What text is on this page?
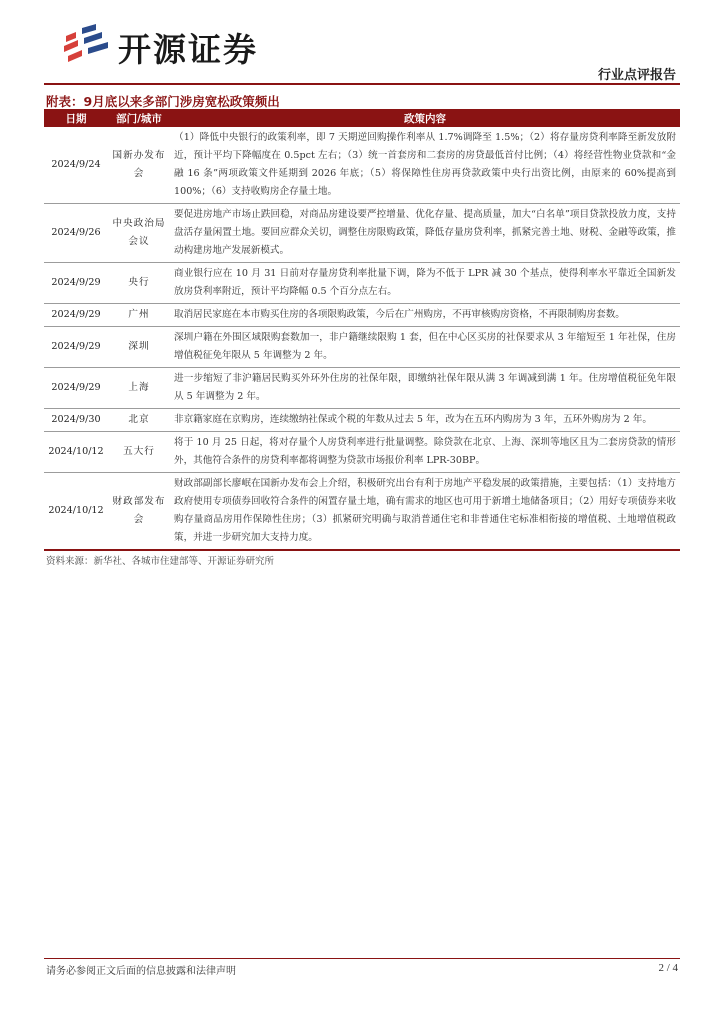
开源证券
行业点评报告
附表：9月底以来多部门涉房宽松政策频出
日期	部门/城市	政策内容
2024/9/24	国新办发布会	（1）降低中央银行的政策利率，即 7 天期逆回购操作利率从 1.7%调降至 1.5%；（2）将存量房贷利率降至新发放附近，预计平均下降幅度在 0.5pct 左右；（3）统一首套房和二套房的房贷最低首付比例；（4）将经营性物业贷款和“金融 16 条”两项政策文件延期到 2026 年底；（5）将保障性住房再贷款政策中央行出资比例，由原来的 60%提高到 100%；（6）支持收购房企存量土地。
2024/9/26	中央政治局会议	要促进房地产市场止跌回稳，对商品房建设要严控增量、优化存量、提高质量，加大“白名单”项目贷款投放力度，支持盘活存量闲置土地。要回应群众关切，调整住房限购政策，降低存量房贷利率，抓紧完善土地、财税、金融等政策，推动构建房地产发展新模式。
2024/9/29	央行	商业银行应在 10 月 31 日前对存量房贷利率批量下调，降为不低于 LPR 减 30 个基点，使得利率水平靠近全国新发放房贷利率附近，预计平均降幅 0.5 个百分点左右。
2024/9/29	广州	取消居民家庭在本市购买住房的各项限购政策，今后在广州购房，不再审核购房资格，不再限制购房套数。
2024/9/29	深圳	深圳户籍在外围区域限购套数加一，非户籍继续限购 1 套，但在中心区买房的社保要求从 3 年缩短至 1 年社保，住房增值税征免年限从 5 年调整为 2 年。
2024/9/29	上海	进一步缩短了非沪籍居民购买外环外住房的社保年限，即缴纳社保年限从满 3 年调减到满 1 年。住房增值税征免年限从 5 年调整为 2 年。
2024/9/30	北京	非京籍家庭在京购房，连续缴纳社保或个税的年数从过去 5 年，改为在五环内购房为 3 年，五环外购房为 2 年。
2024/10/12	五大行	将于 10 月 25 日起，将对存量个人房贷利率进行批量调整。除贷款在北京、上海、深圳等地区且为二套房贷款的情形外，其他符合条件的房贷利率都将调整为贷款市场报价利率 LPR-30BP。
2024/10/12	财政部发布会	财政部副部长廖岷在国新办发布会上介绍，积极研究出台有利于房地产平稳发展的政策措施，主要包括：（1）支持地方政府使用专项债券回收符合条件的闲置存量土地，确有需求的地区也可用于新增土地储备项目；（2）用好专项债券来收购存量商品房用作保障性住房；（3）抓紧研究明确与取消普通住宅和非普通住宅标准相衔接的增值税、土地增值税政策，并进一步研究加大支持力度。
资料来源：新华社、各城市住建部等、开源证券研究所
请务必参阅正文后面的信息披露和法律声明	2 / 4
